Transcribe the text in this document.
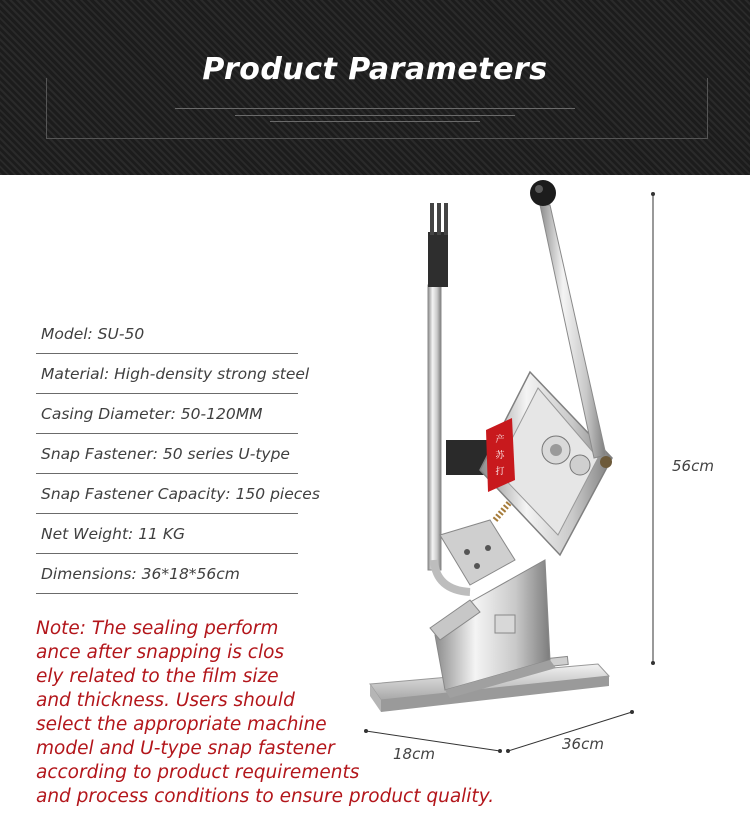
Product Parameters
Model: SU-50
Material: High-density strong steel
Casing Diameter: 50-120MM
Snap Fastener: 50 series U-type
Snap Fastener Capacity: 150 pieces
Net Weight: 11 KG
Dimensions: 36*18*56cm
Note: The sealing perform
ance after snapping is clos
ely related to the film size
and thickness. Users should
select the appropriate machine
model and U-type snap fastener
according to product requirements
and process conditions to ensure product quality.
产
苏
打	56cm
18cm
36cm
